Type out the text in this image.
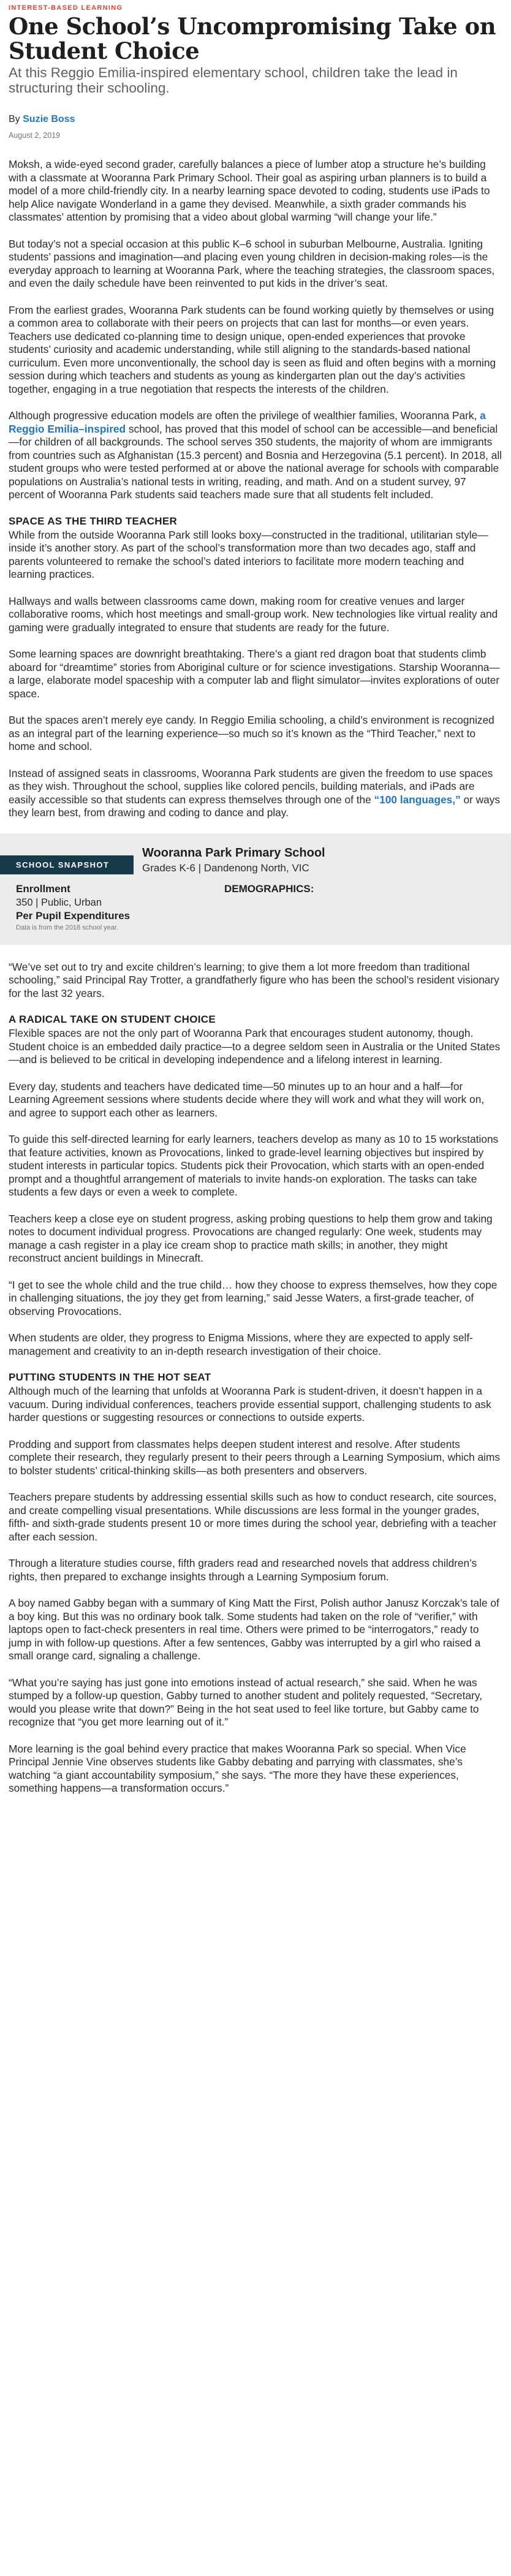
INTEREST-BASED LEARNING
One School’s Uncompromising Take on Student Choice
At this Reggio Emilia-inspired elementary school, children take the lead in structuring their schooling.
By Suzie Boss
August 2, 2019

Moksh, a wide-eyed second grader, carefully balances a piece of lumber atop a structure he’s building with a classmate at Wooranna Park Primary School. Their goal as aspiring urban planners is to build a model of a more child-friendly city. In a nearby learning space devoted to coding, students use iPads to help Alice navigate Wonderland in a game they devised. Meanwhile, a sixth grader commands his classmates’ attention by promising that a video about global warming “will change your life.”

But today’s not a special occasion at this public K–6 school in suburban Melbourne, Australia. Igniting students’ passions and imagination—and placing even young children in decision-making roles—is the everyday approach to learning at Wooranna Park, where the teaching strategies, the classroom spaces, and even the daily schedule have been reinvented to put kids in the driver’s seat.

From the earliest grades, Wooranna Park students can be found working quietly by themselves or using a common area to collaborate with their peers on projects that can last for months—or even years. Teachers use dedicated co-planning time to design unique, open-ended experiences that provoke students’ curiosity and academic understanding, while still aligning to the standards-based national curriculum. Even more unconventionally, the school day is seen as fluid and often begins with a morning session during which teachers and students as young as kindergarten plan out the day’s activities together, engaging in a true negotiation that respects the interests of the children.

Although progressive education models are often the privilege of wealthier families, Wooranna Park, a Reggio Emilia–inspired school, has proved that this model of school can be accessible—and beneficial—for children of all backgrounds. The school serves 350 students, the majority of whom are immigrants from countries such as Afghanistan (15.3 percent) and Bosnia and Herzegovina (5.1 percent). In 2018, all student groups who were tested performed at or above the national average for schools with comparable populations on Australia’s national tests in writing, reading, and math. And on a student survey, 97 percent of Wooranna Park students said teachers made sure that all students felt included.

SPACE AS THE THIRD TEACHER

While from the outside Wooranna Park still looks boxy—constructed in the traditional, utilitarian style—inside it’s another story. As part of the school’s transformation more than two decades ago, staff and parents volunteered to remake the school’s dated interiors to facilitate more modern teaching and learning practices.

Hallways and walls between classrooms came down, making room for creative venues and larger collaborative rooms, which host meetings and small-group work. New technologies like virtual reality and gaming were gradually integrated to ensure that students are ready for the future.

Some learning spaces are downright breathtaking. There’s a giant red dragon boat that students climb aboard for “dreamtime” stories from Aboriginal culture or for science investigations. Starship Wooranna—a large, elaborate model spaceship with a computer lab and flight simulator—invites explorations of outer space.

But the spaces aren’t merely eye candy. In Reggio Emilia schooling, a child’s environment is recognized as an integral part of the learning experience—so much so it’s known as the “Third Teacher,” next to home and school.

Instead of assigned seats in classrooms, Wooranna Park students are given the freedom to use spaces as they wish. Throughout the school, supplies like colored pencils, building materials, and iPads are easily accessible so that students can express themselves through one of the “100 languages,” or ways they learn best, from drawing and coding to dance and play.

SCHOOL SNAPSHOT
Wooranna Park Primary School
Grades K-6 | Dandenong North, VIC
Enrollment
350 | Public, Urban
Per Pupil Expenditures
Data is from the 2018 school year.
DEMOGRAPHICS:

“We’ve set out to try and excite children’s learning; to give them a lot more freedom than traditional schooling,” said Principal Ray Trotter, a grandfatherly figure who has been the school’s resident visionary for the last 32 years.

A RADICAL TAKE ON STUDENT CHOICE

Flexible spaces are not the only part of Wooranna Park that encourages student autonomy, though. Student choice is an embedded daily practice—to a degree seldom seen in Australia or the United States—and is believed to be critical in developing independence and a lifelong interest in learning.

Every day, students and teachers have dedicated time—50 minutes up to an hour and a half—for Learning Agreement sessions where students decide where they will work and what they will work on, and agree to support each other as learners.

To guide this self-directed learning for early learners, teachers develop as many as 10 to 15 workstations that feature activities, known as Provocations, linked to grade-level learning objectives but inspired by student interests in particular topics. Students pick their Provocation, which starts with an open-ended prompt and a thoughtful arrangement of materials to invite hands-on exploration. The tasks can take students a few days or even a week to complete.

Teachers keep a close eye on student progress, asking probing questions to help them grow and taking notes to document individual progress. Provocations are changed regularly: One week, students may manage a cash register in a play ice cream shop to practice math skills; in another, they might reconstruct ancient buildings in Minecraft.

“I get to see the whole child and the true child… how they choose to express themselves, how they cope in challenging situations, the joy they get from learning,” said Jesse Waters, a first-grade teacher, of observing Provocations.

When students are older, they progress to Enigma Missions, where they are expected to apply self-management and creativity to an in-depth research investigation of their choice.

PUTTING STUDENTS IN THE HOT SEAT

Although much of the learning that unfolds at Wooranna Park is student-driven, it doesn’t happen in a vacuum. During individual conferences, teachers provide essential support, challenging students to ask harder questions or suggesting resources or connections to outside experts.

Prodding and support from classmates helps deepen student interest and resolve. After students complete their research, they regularly present to their peers through a Learning Symposium, which aims to bolster students’ critical-thinking skills—as both presenters and observers.

Teachers prepare students by addressing essential skills such as how to conduct research, cite sources, and create compelling visual presentations. While discussions are less formal in the younger grades, fifth- and sixth-grade students present 10 or more times during the school year, debriefing with a teacher after each session.

Through a literature studies course, fifth graders read and researched novels that address children’s rights, then prepared to exchange insights through a Learning Symposium forum.

A boy named Gabby began with a summary of King Matt the First, Polish author Janusz Korczak’s tale of a boy king. But this was no ordinary book talk. Some students had taken on the role of “verifier,” with laptops open to fact-check presenters in real time. Others were primed to be “interrogators,” ready to jump in with follow-up questions. After a few sentences, Gabby was interrupted by a girl who raised a small orange card, signaling a challenge.

“What you’re saying has just gone into emotions instead of actual research,” she said. When he was stumped by a follow-up question, Gabby turned to another student and politely requested, “Secretary, would you please write that down?” Being in the hot seat used to feel like torture, but Gabby came to recognize that “you get more learning out of it.”

More learning is the goal behind every practice that makes Wooranna Park so special. When Vice Principal Jennie Vine observes students like Gabby debating and parrying with classmates, she’s watching “a giant accountability symposium,” she says. “The more they have these experiences, something happens—a transformation occurs.”
